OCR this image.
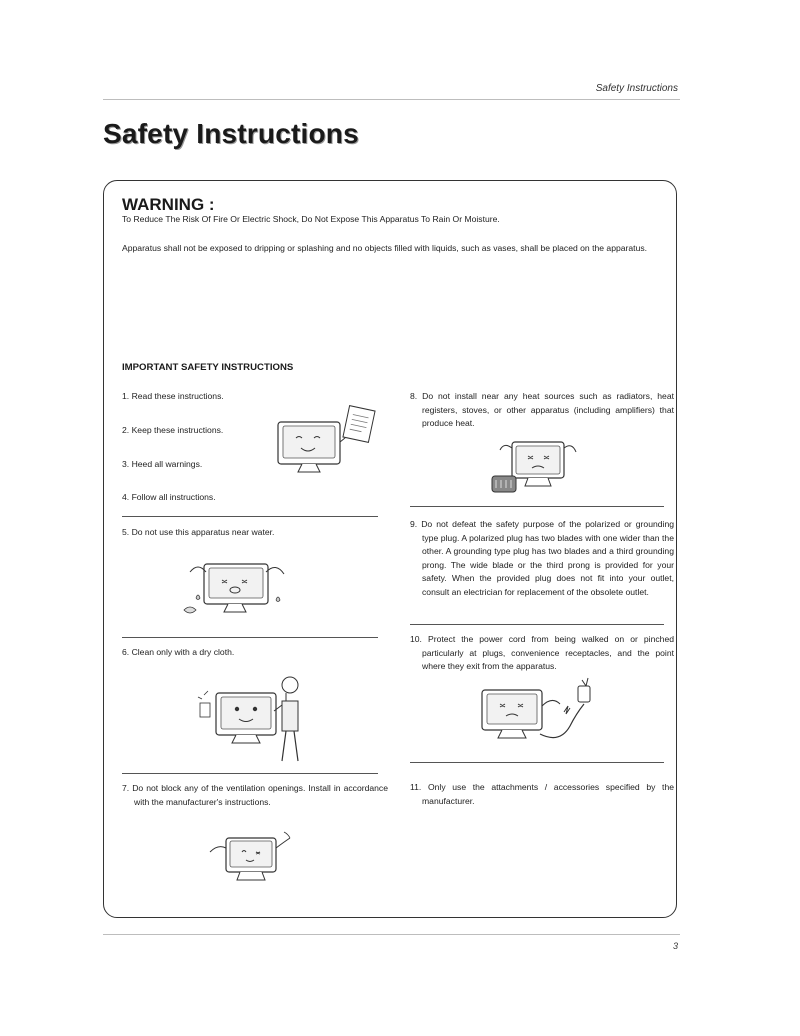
Safety Instructions
Safety Instructions
WARNING :
To Reduce The Risk Of Fire Or Electric Shock, Do Not Expose This Apparatus To Rain Or Moisture.
Apparatus shall not be exposed to dripping or splashing and no objects filled with liquids, such as vases, shall be placed on the apparatus.
IMPORTANT SAFETY INSTRUCTIONS
1. Read these instructions.
2. Keep these instructions.
3. Heed all warnings.
4. Follow all instructions.
5. Do not use this apparatus near water.
6. Clean only with a dry cloth.
7. Do not block any of the ventilation openings. Install in accordance with the manufacturer's instructions.
8. Do not install near any heat sources such as radiators, heat registers, stoves, or other apparatus (including amplifiers) that produce heat.
9. Do not defeat the safety purpose of the polarized or grounding type plug. A polarized plug has two blades with one wider than the other. A grounding type plug has two blades and a third grounding prong. The wide blade or the third prong is provided for your safety. When the provided plug does not fit into your outlet, consult an electrician for replacement of the obsolete outlet.
10. Protect the power cord from being walked on or pinched particularly at plugs, convenience receptacles, and the point where they exit from the apparatus.
11. Only use the attachments / accessories specified by the manufacturer.
3
